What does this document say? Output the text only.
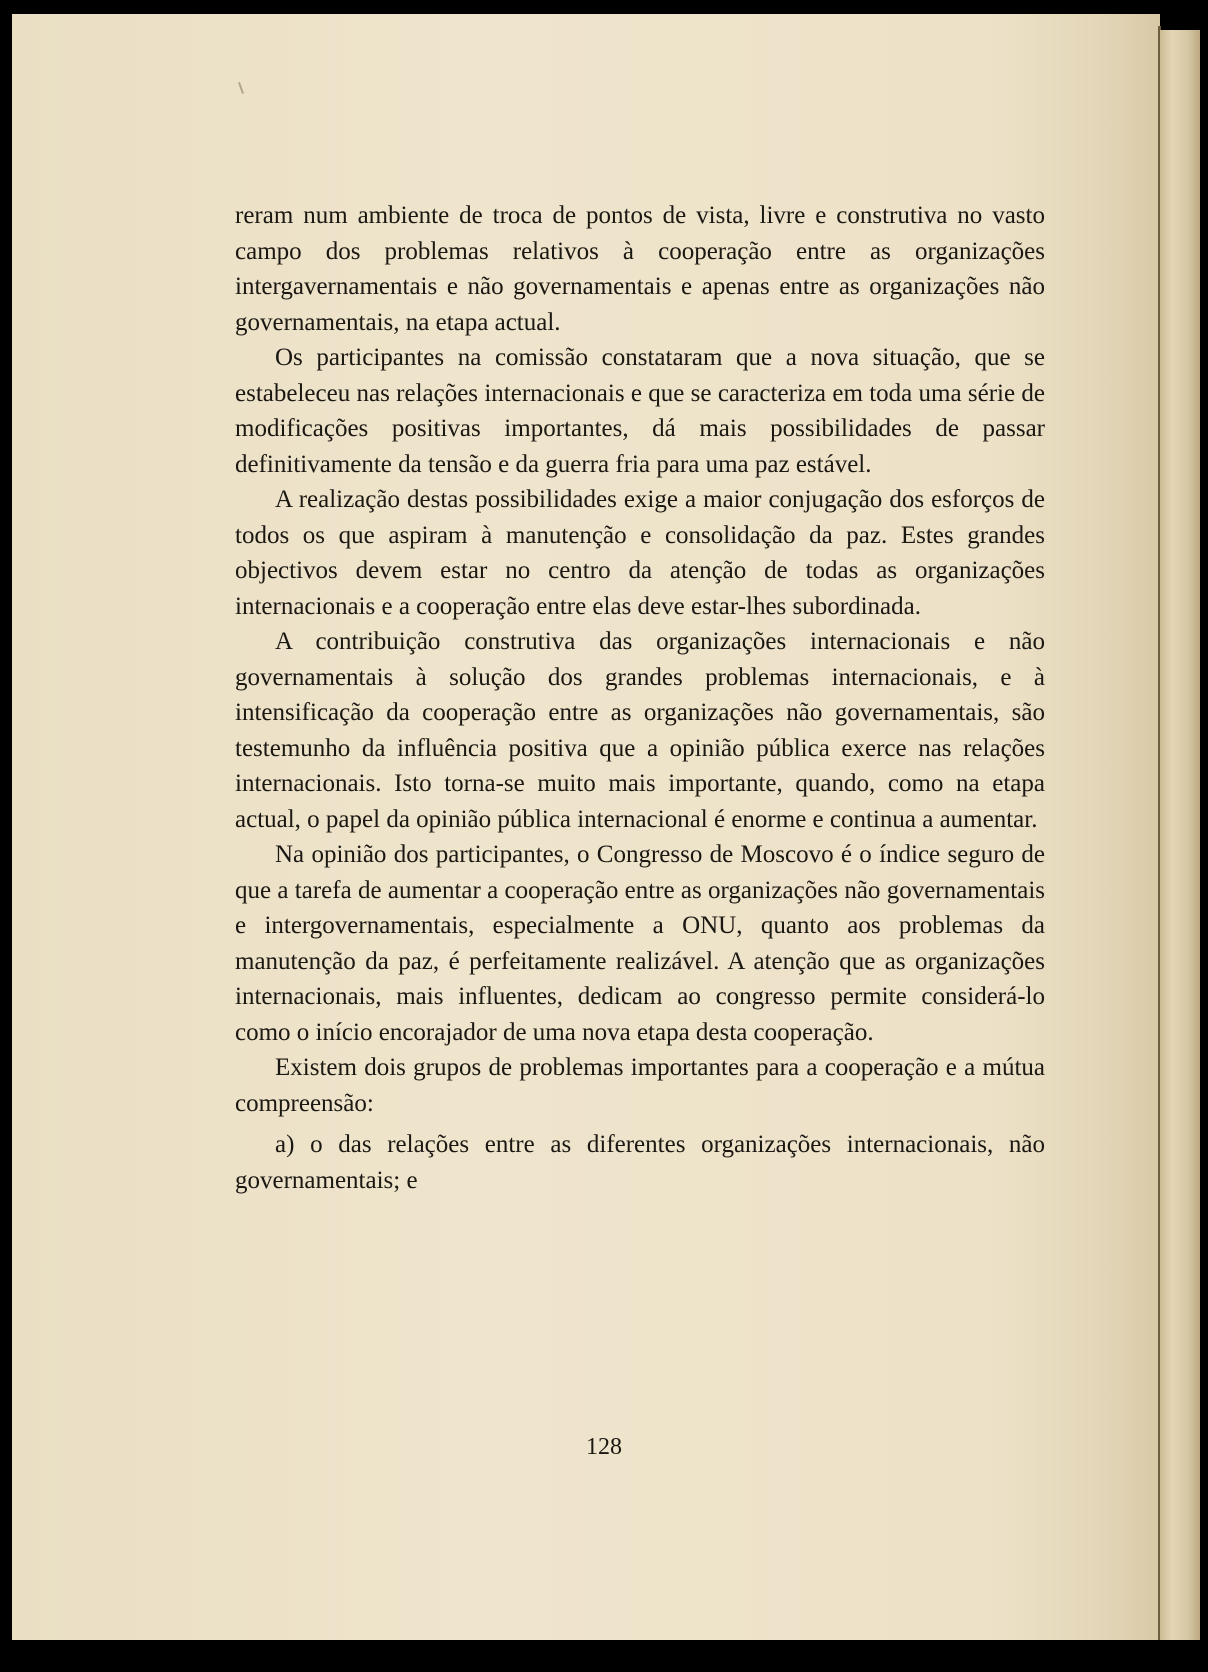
reram num ambiente de troca de pontos de vista, livre e construtiva no vasto campo dos problemas relativos à cooperação entre as organizações intergavernamentais e não governamentais e apenas entre as organizações não governamentais, na etapa actual.

Os participantes na comissão constataram que a nova situação, que se estabeleceu nas relações internacionais e que se caracteriza em toda uma série de modificações positivas importantes, dá mais possibilidades de passar definitivamente da tensão e da guerra fria para uma paz estável.

A realização destas possibilidades exige a maior conjugação dos esforços de todos os que aspiram à manutenção e consolidação da paz. Estes grandes objectivos devem estar no centro da atenção de todas as organizações internacionais e a cooperação entre elas deve estar-lhes subordinada.

A contribuição construtiva das organizações internacionais e não governamentais à solução dos grandes problemas internacionais, e à intensificação da cooperação entre as organizações não governamentais, são testemunho da influência positiva que a opinião pública exerce nas relações internacionais. Isto torna-se muito mais importante, quando, como na etapa actual, o papel da opinião pública internacional é enorme e continua a aumentar.

Na opinião dos participantes, o Congresso de Moscovo é o índice seguro de que a tarefa de aumentar a cooperação entre as organizações não governamentais e intergovernamentais, especialmente a ONU, quanto aos problemas da manutenção da paz, é perfeitamente realizável. A atenção que as organizações internacionais, mais influentes, dedicam ao congresso permite considerá-lo como o início encorajador de uma nova etapa desta cooperação.

Existem dois grupos de problemas importantes para a cooperação e a mútua compreensão:

a) o das relações entre as diferentes organizações internacionais, não governamentais; e

128
